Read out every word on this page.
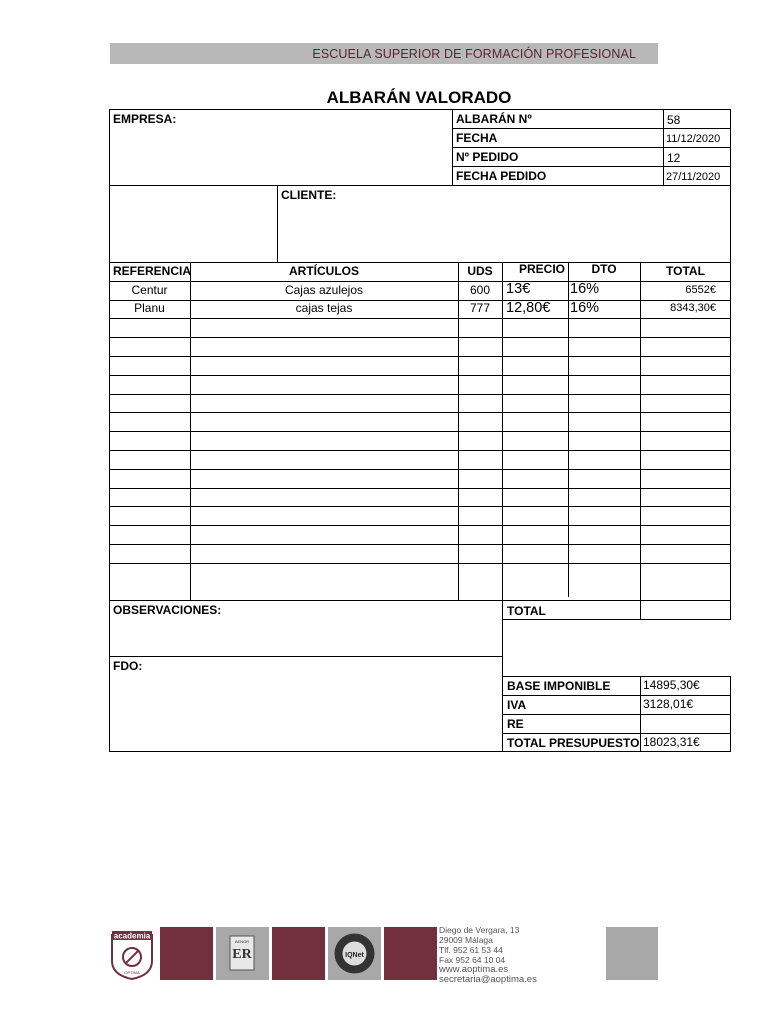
ESCUELA SUPERIOR DE FORMACIÓN PROFESIONAL
ALBARÁN VALORADO
EMPRESA:	ALBARÁN Nº	58
FECHA	11/12/2020
Nº PEDIDO	12
FECHA PEDIDO	27/11/2020
CLIENTE:
REFERENCIA	ARTÍCULOS	UDS	PRECIO	DTO	TOTAL
Centur	Cajas azulejos	600	13€	16%	6552€
Planu	cajas tejas	777	12,80€ 16%	8343,30€
OBSERVACIONES:
FDO:
TOTAL
BASE IMPONIBLE	14895,30€
IVA	3128,01€
RE
TOTAL PRESUPUESTO 18023,31€
academia
OPTIMA
ER
AENOR
IQNet
Diego de Vergara, 13
29009 Málaga
Tlf. 952 61 53 44
Fax 952 64 10 04
www.aoptima.es
secretaria@aoptima.es
